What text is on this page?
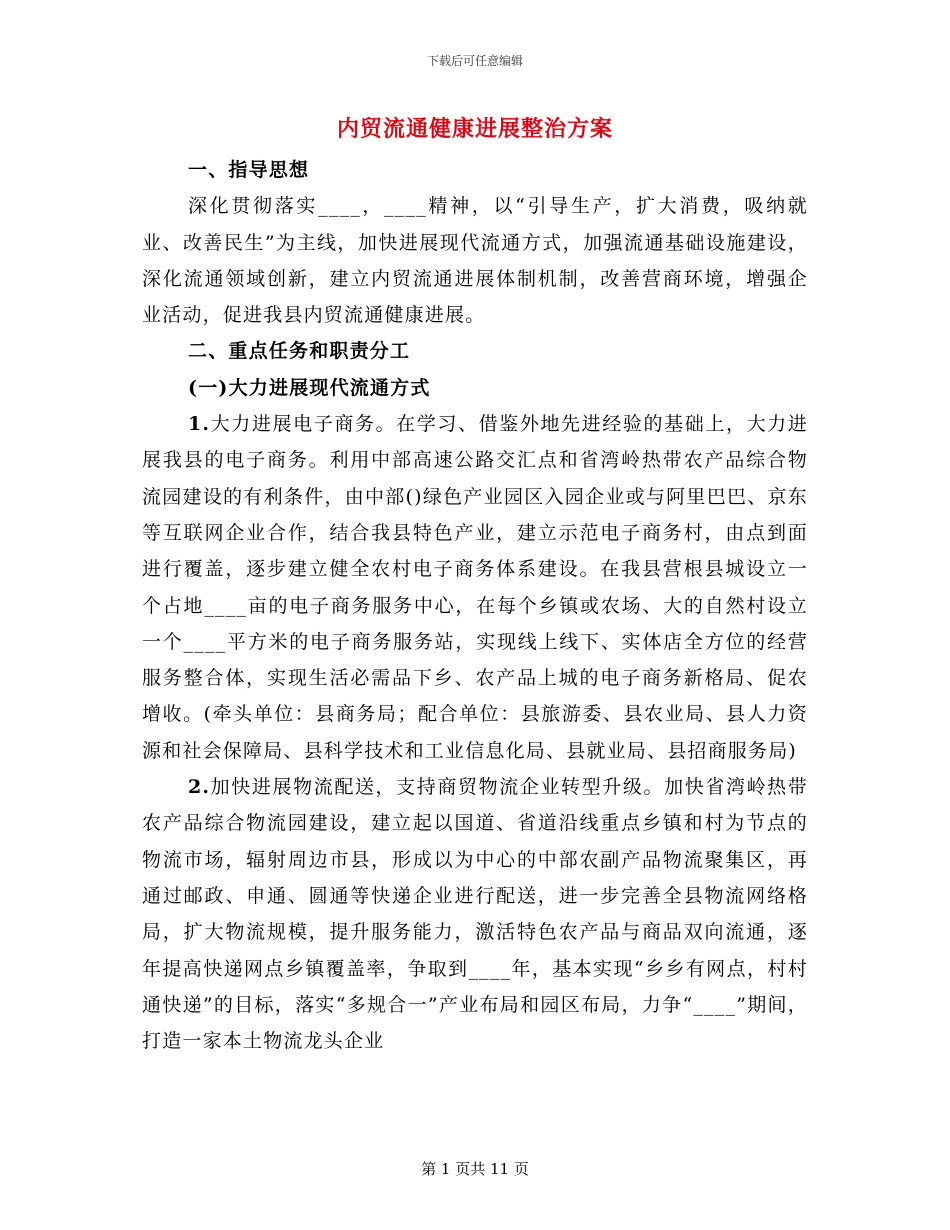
下载后可任意编辑
内贸流通健康进展整治方案

一、指导思想

深化贯彻落实____，____精神，以“引导生产，扩大消费，吸纳就业、改善民生”为主线，加快进展现代流通方式，加强流通基础设施建设，深化流通领域创新，建立内贸流通进展体制机制，改善营商环境，增强企业活动，促进我县内贸流通健康进展。

二、重点任务和职责分工

(一)大力进展现代流通方式

1.大力进展电子商务。在学习、借鉴外地先进经验的基础上，大力进展我县的电子商务。利用中部高速公路交汇点和省湾岭热带农产品综合物流园建设的有利条件，由中部()绿色产业园区入园企业或与阿里巴巴、京东等互联网企业合作，结合我县特色产业，建立示范电子商务村，由点到面进行覆盖，逐步建立健全农村电子商务体系建设。在我县营根县城设立一个占地____亩的电子商务服务中心，在每个乡镇或农场、大的自然村设立一个____平方米的电子商务服务站，实现线上线下、实体店全方位的经营服务整合体，实现生活必需品下乡、农产品上城的电子商务新格局、促农增收。(牵头单位：县商务局；配合单位：县旅游委、县农业局、县人力资源和社会保障局、县科学技术和工业信息化局、县就业局、县招商服务局)

2.加快进展物流配送，支持商贸物流企业转型升级。加快省湾岭热带农产品综合物流园建设，建立起以国道、省道沿线重点乡镇和村为节点的物流市场，辐射周边市县，形成以为中心的中部农副产品物流聚集区，再通过邮政、申通、圆通等快递企业进行配送，进一步完善全县物流网络格局，扩大物流规模，提升服务能力，激活特色农产品与商品双向流通，逐年提高快递网点乡镇覆盖率，争取到____年，基本实现“乡乡有网点，村村通快递”的目标，落实“多规合一”产业布局和园区布局，力争“____”期间，打造一家本土物流龙头企业

第 1 页共 11 页
